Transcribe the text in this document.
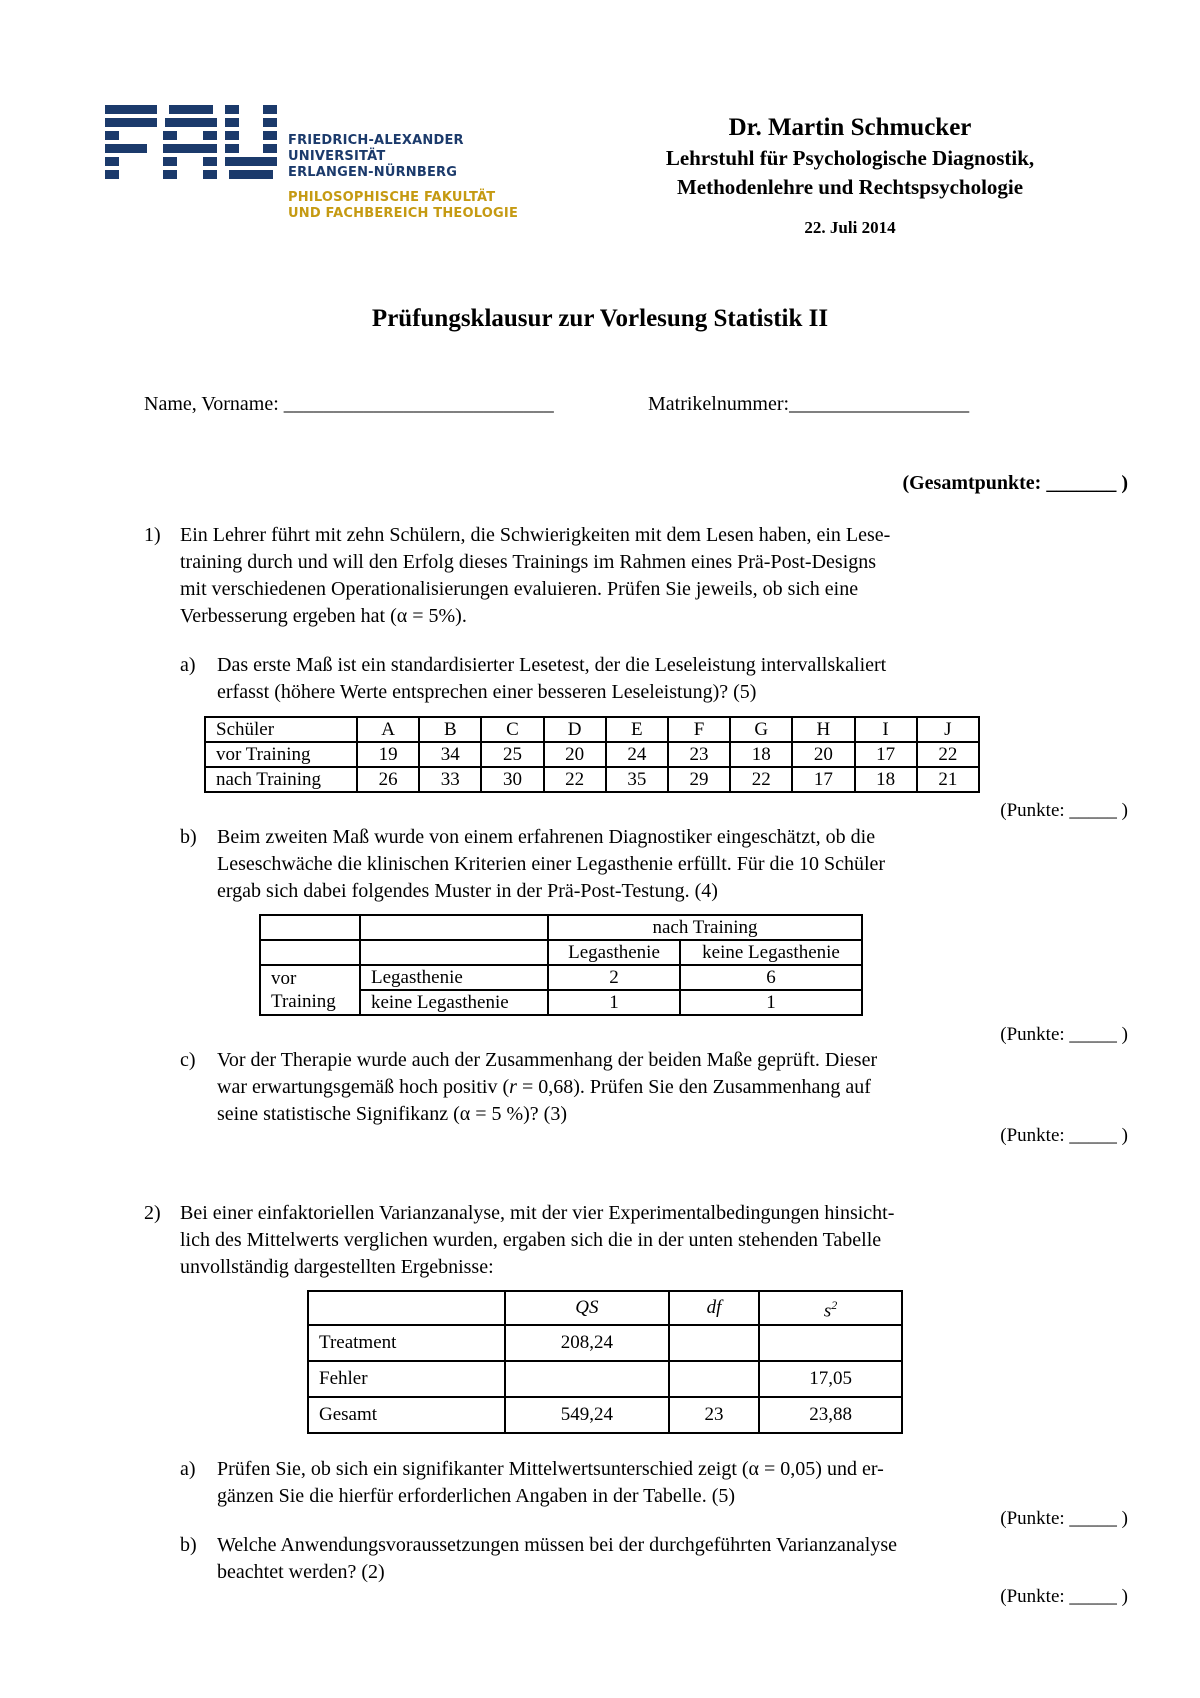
FRIEDRICH-ALEXANDER
UNIVERSITÄT
ERLANGEN-NÜRNBERG
PHILOSOPHISCHE FAKULTÄT
UND FACHBEREICH THEOLOGIE
Dr. Martin Schmucker
Lehrstuhl für Psychologische Diagnostik,
Methodenlehre und Rechtspsychologie
22. Juli 2014
Prüfungsklausur zur Vorlesung Statistik II
Name, Vorname: ___________________________	Matrikelnummer:__________________
(Gesamtpunkte: _______ )
1) Ein Lehrer führt mit zehn Schülern, die Schwierigkeiten mit dem Lesen haben, ein Lese-
training durch und will den Erfolg dieses Trainings im Rahmen eines Prä-Post-Designs
mit verschiedenen Operationalisierungen evaluieren. Prüfen Sie jeweils, ob sich eine
Verbesserung ergeben hat (α = 5%).
a) Das erste Maß ist ein standardisierter Lesetest, der die Leseleistung intervallskaliert
erfasst (höhere Werte entsprechen einer besseren Leseleistung)? (5)
Schüler	A	B	C	D	E	F	G	H	I	J
vor Training	19	34	25	20	24	23	18	20	17	22
nach Training	26	33	30	22	35	29	22	17	18	21
(Punkte: _____ )
b) Beim zweiten Maß wurde von einem erfahrenen Diagnostiker eingeschätzt, ob die
Leseschwäche die klinischen Kriterien einer Legasthenie erfüllt. Für die 10 Schüler
ergab sich dabei folgendes Muster in der Prä-Post-Testung. (4)
		nach Training	
		Legasthenie	keine Legasthenie

vor
Training	Legasthenie	2	6
	keine Legasthenie	1	1
(Punkte: _____ )
c) Vor der Therapie wurde auch der Zusammenhang der beiden Maße geprüft. Dieser
war erwartungsgemäß hoch positiv (r = 0,68). Prüfen Sie den Zusammenhang auf
seine statistische Signifikanz (α = 5 %)? (3)
(Punkte: _____ )
2) Bei einer einfaktoriellen Varianzanalyse, mit der vier Experimentalbedingungen hinsicht-
lich des Mittelwerts verglichen wurden, ergaben sich die in der unten stehenden Tabelle
unvollständig dargestellten Ergebnisse:
	QS	df	$s^2$
Treatment	208,24		
Fehler			17,05
Gesamt	549,24	23	23,88
a) Prüfen Sie, ob sich ein signifikanter Mittelwertsunterschied zeigt (α = 0,05) und er-
gänzen Sie die hierfür erforderlichen Angaben in der Tabelle. (5)
(Punkte: _____ )
b) Welche Anwendungsvoraussetzungen müssen bei der durchgeführten Varianzanalyse
beachtet werden? (2)
(Punkte: _____ )
